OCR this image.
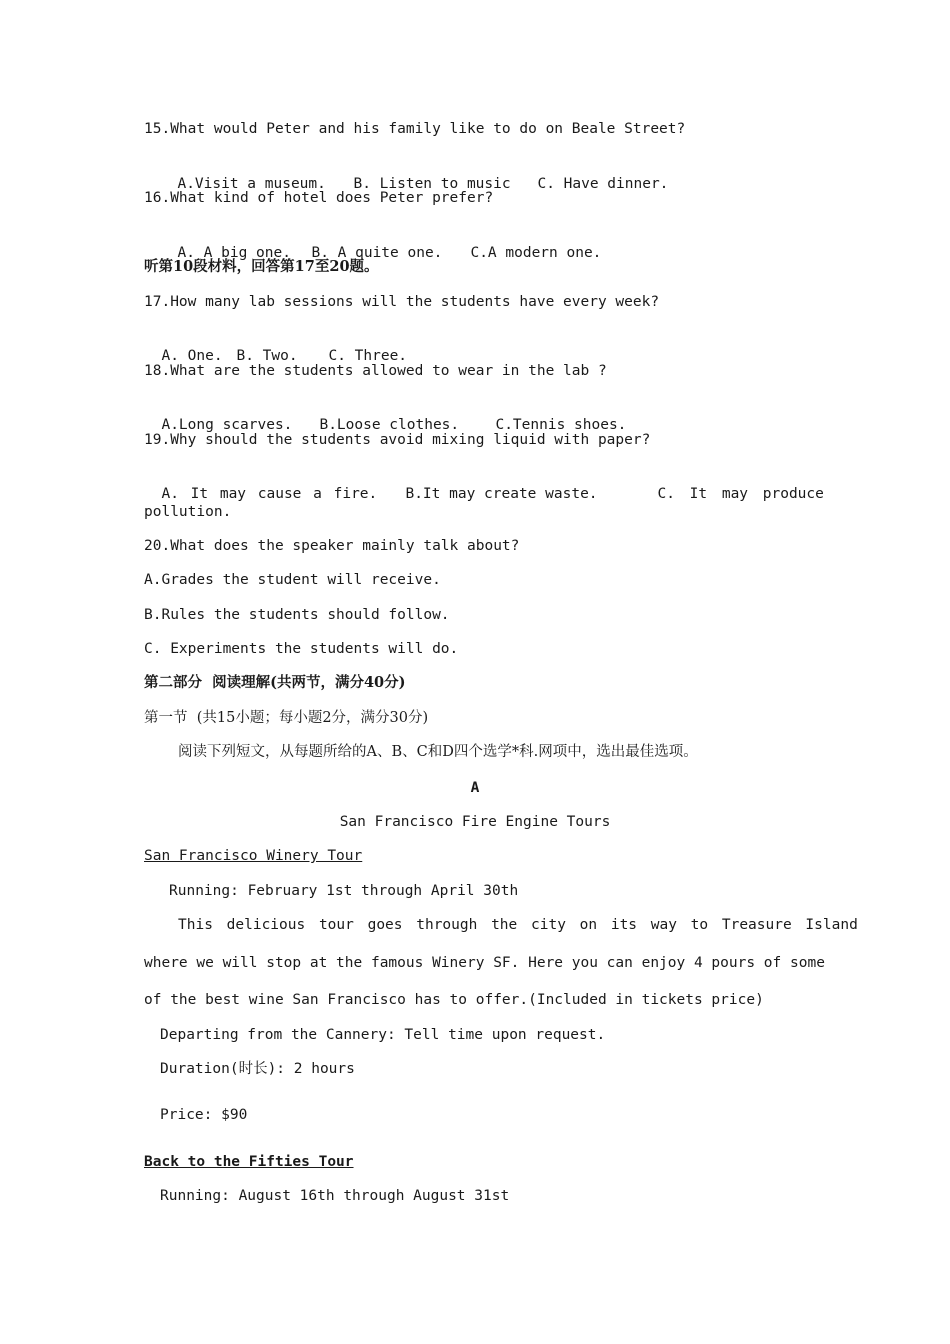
15.What would Peter and his family like to do on Beale Street?

A.Visit a museum. B. Listen to music C. Have dinner.

16.What kind of hotel does Peter prefer?

A. A big one. B. A quite one. C.A modern one.

听第10段材料，回答第17至20题。

17.How many lab sessions will the students have every week?

A. One. B. Two. C. Three.

18.What are the students allowed to wear in the lab ?

A.Long scarves. B.Loose clothes.	C.Tennis shoes.

19.Why should the students avoid mixing liquid with paper?

A. It may cause a fire. B.It may create waste.	C. It may produce

pollution.

20.What does the speaker mainly talk about?

A.Grades the student will receive.

B.Rules the students should follow.

C. Experiments the students will do.

第二部分  阅读理解(共两节，满分40分)

第一节  (共15小题；每小题2分，满分30分)

阅读下列短文，从每题所给的A、B、C和D四个选学*科.网项中，选出最佳选项。

A

San Francisco Fire Engine Tours

San Francisco Winery Tour

Running: February 1st through April 30th

This delicious tour goes through the city on its way to Treasure Island

where we will stop at the famous Winery SF. Here you can enjoy 4 pours of some

of the best wine San Francisco has to offer.(Included in tickets price)

Departing from the Cannery: Tell time upon request.

Duration(时长): 2 hours

Price: $90

Back to the Fifties Tour

Running: August 16th through August 31st
